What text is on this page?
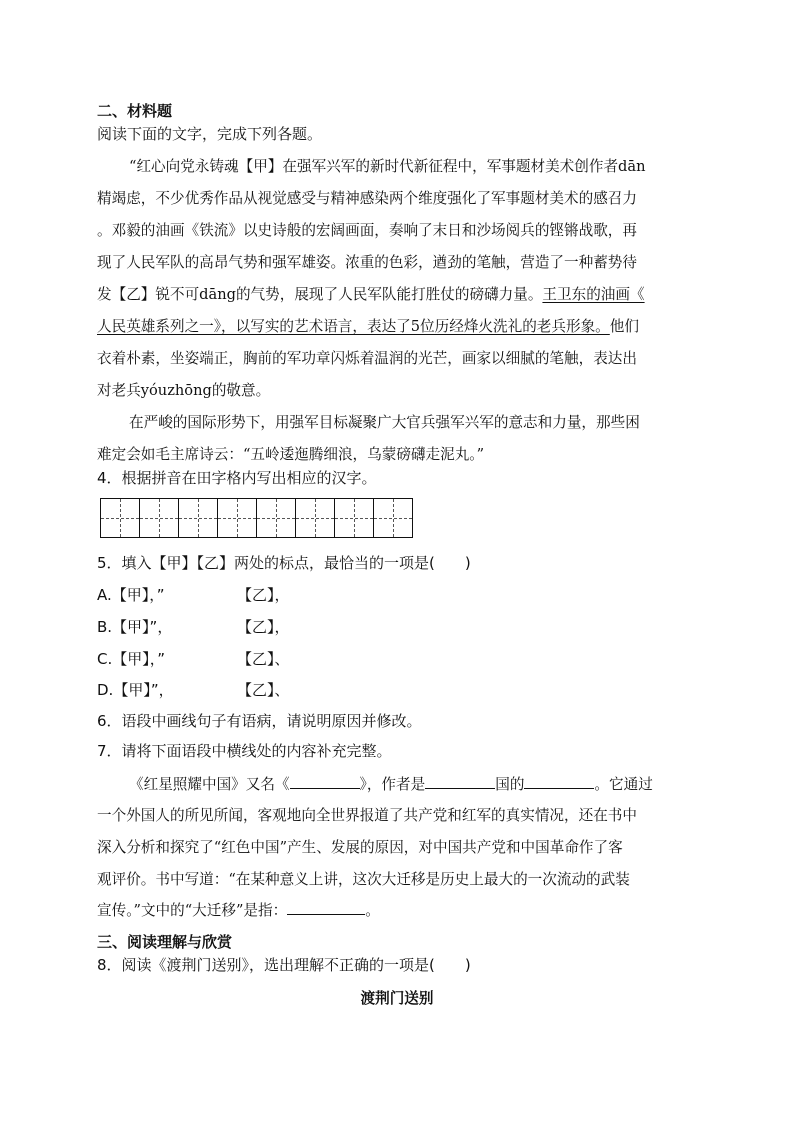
二、材料题
阅读下面的文字，完成下列各题。
“红心向党永铸魂【甲】在强军兴军的新时代新征程中，军事题材美术创作者dān
精竭虑，不少优秀作品从视觉感受与精神感染两个维度强化了军事题材美术的感召力
。邓毅的油画《铁流》以史诗般的宏阔画面，奏响了末日和沙场阅兵的铿锵战歌，再
现了人民军队的高昂气势和强军雄姿。浓重的色彩，遒劲的笔触，营造了一种蓄势待
发【乙】锐不可dāng的气势，展现了人民军队能打胜仗的磅礴力量。王卫东的油画《
人民英雄系列之一》，以写实的艺术语言，表达了5位历经烽火洗礼的老兵形象。他们
衣着朴素，坐姿端正，胸前的军功章闪烁着温润的光芒，画家以细腻的笔触，表达出
对老兵yóuzhōng的敬意。
在严峻的国际形势下，用强军目标凝聚广大官兵强军兴军的意志和力量，那些困
难定会如毛主席诗云：“五岭逶迤腾细浪，乌蒙磅礴走泥丸。”
4．根据拼音在田字格内写出相应的汉字。
5．填入【甲】【乙】两处的标点，最恰当的一项是(　　)
A.【甲】，”	【乙】，
B.【甲】”，	【乙】，
C.【甲】，”	【乙】、
D.【甲】”，	【乙】、
6．语段中画线句子有语病，请说明原因并修改。
7．请将下面语段中横线处的内容补充完整。
《红星照耀中国》又名《	》，作者是	国的	。它通过
一个外国人的所见所闻，客观地向全世界报道了共产党和红军的真实情况，还在书中
深入分析和探究了“红色中国”产生、发展的原因，对中国共产党和中国革命作了客
观评价。书中写道：“在某种意义上讲，这次大迁移是历史上最大的一次流动的武装
宣传。”文中的“大迁移”是指：	。
三、阅读理解与欣赏
8．阅读《渡荆门送别》，选出理解不正确的一项是(　　)
渡荆门送别
